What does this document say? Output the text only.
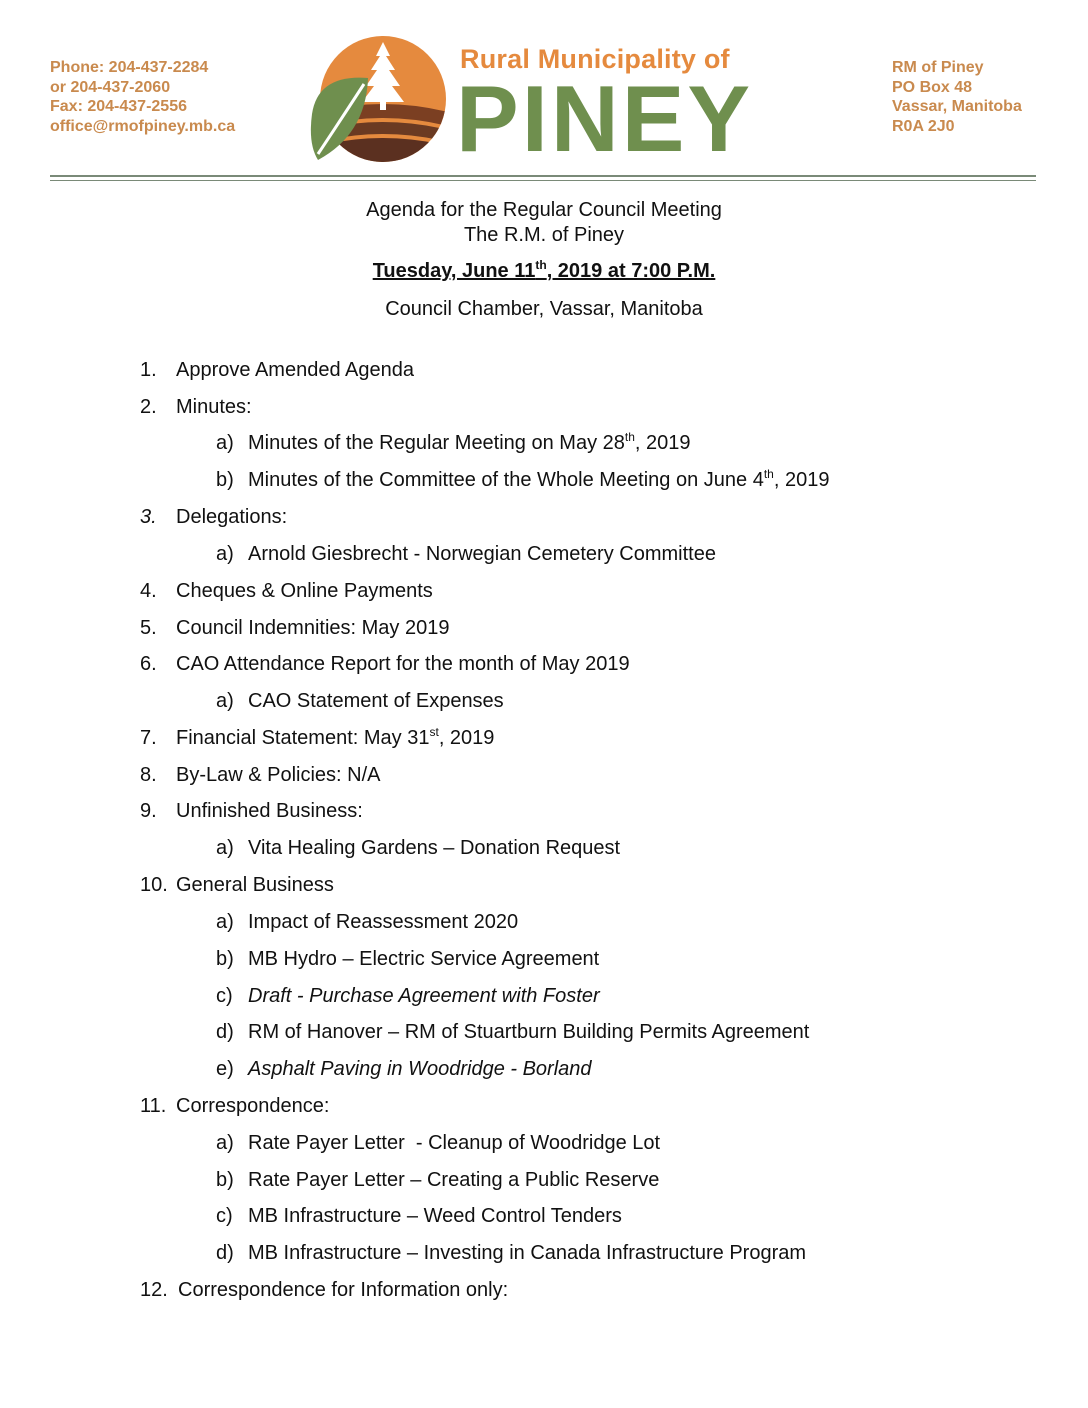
Phone: 204-437-2284
or 204-437-2060
Fax: 204-437-2556
office@rmofpiney.mb.ca
Rural Municipality of
PINEY	RM of Piney
PO Box 48
Vassar, Manitoba
R0A 2J0
Agenda for the Regular Council Meeting
The R.M. of Piney
Tuesday, June 11th, 2019 at 7:00 P.M.
Council Chamber, Vassar, Manitoba
1. Approve Amended Agenda
2. Minutes:
a) Minutes of the Regular Meeting on May 28th, 2019
b) Minutes of the Committee of the Whole Meeting on June 4th, 2019
3. Delegations:
a) Arnold Giesbrecht - Norwegian Cemetery Committee
4. Cheques & Online Payments
5. Council Indemnities: May 2019
6. CAO Attendance Report for the month of May 2019
a) CAO Statement of Expenses
7. Financial Statement: May 31st, 2019
8. By-Law & Policies: N/A
9. Unfinished Business:
a) Vita Healing Gardens – Donation Request
10. General Business
a) Impact of Reassessment 2020
b) MB Hydro – Electric Service Agreement
c) Draft - Purchase Agreement with Foster
d) RM of Hanover – RM of Stuartburn Building Permits Agreement
e) Asphalt Paving in Woodridge - Borland
11. Correspondence:
a) Rate Payer Letter  - Cleanup of Woodridge Lot
b) Rate Payer Letter – Creating a Public Reserve
c) MB Infrastructure – Weed Control Tenders
d) MB Infrastructure – Investing in Canada Infrastructure Program
12. Correspondence for Information only:
